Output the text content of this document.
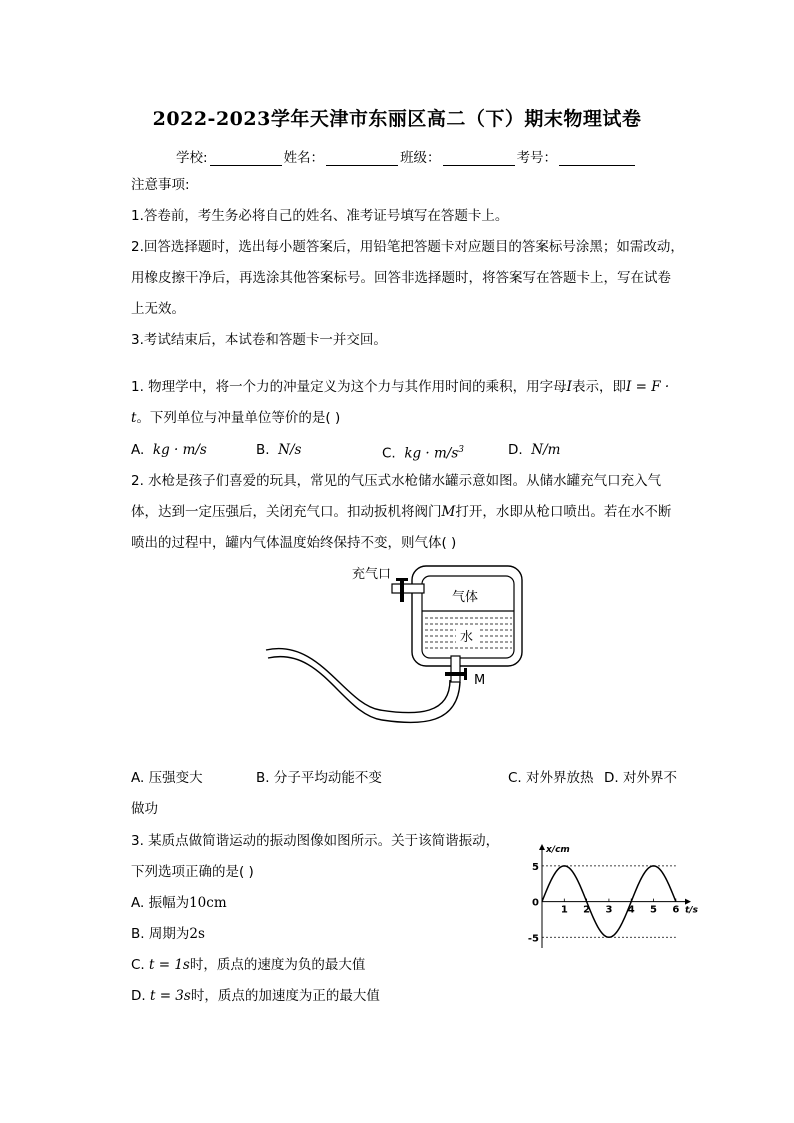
2022-2023学年天津市东丽区高二（下）期末物理试卷
学校:	姓名：	班级：	考号：
注意事项:
1.答卷前，考生务必将自己的姓名、准考证号填写在答题卡上。
2.回答选择题时，选出每小题答案后，用铅笔把答题卡对应题目的答案标号涂黑；如需改动，
用橡皮擦干净后，再选涂其他答案标号。回答非选择题时，将答案写在答题卡上，写在试卷
上无效。
3.考试结束后，本试卷和答题卡一并交回。
1. 物理学中，将一个力的冲量定义为这个力与其作用时间的乘积，用字母I表示，即I = F ·
t。下列单位与冲量单位等价的是( )
A. kg · m/s	B. N/s	C. kg · $m/s^3$	D. N/m
2. 水枪是孩子们喜爱的玩具，常见的气压式水枪储水罐示意如图。从储水罐充气口充入气
体，达到一定压强后，关闭充气口。扣动扳机将阀门M打开，水即从枪口喷出。若在水不断
喷出的过程中，罐内气体温度始终保持不变，则气体( )
充气口
气体
水
M
A. 压强变大	B. 分子平均动能不变	C. 对外界放热 D. 对外界不
做功
3. 某质点做简谐运动的振动图像如图所示。关于该简谐振动，
下列选项正确的是( )
A. 振幅为10cm
B. 周期为2s
C. t = 1s时，质点的速度为负的最大值
D. t = 3s时，质点的加速度为正的最大值
x/cm
t/s
5
0
-5
1 2 3 4 5 6
